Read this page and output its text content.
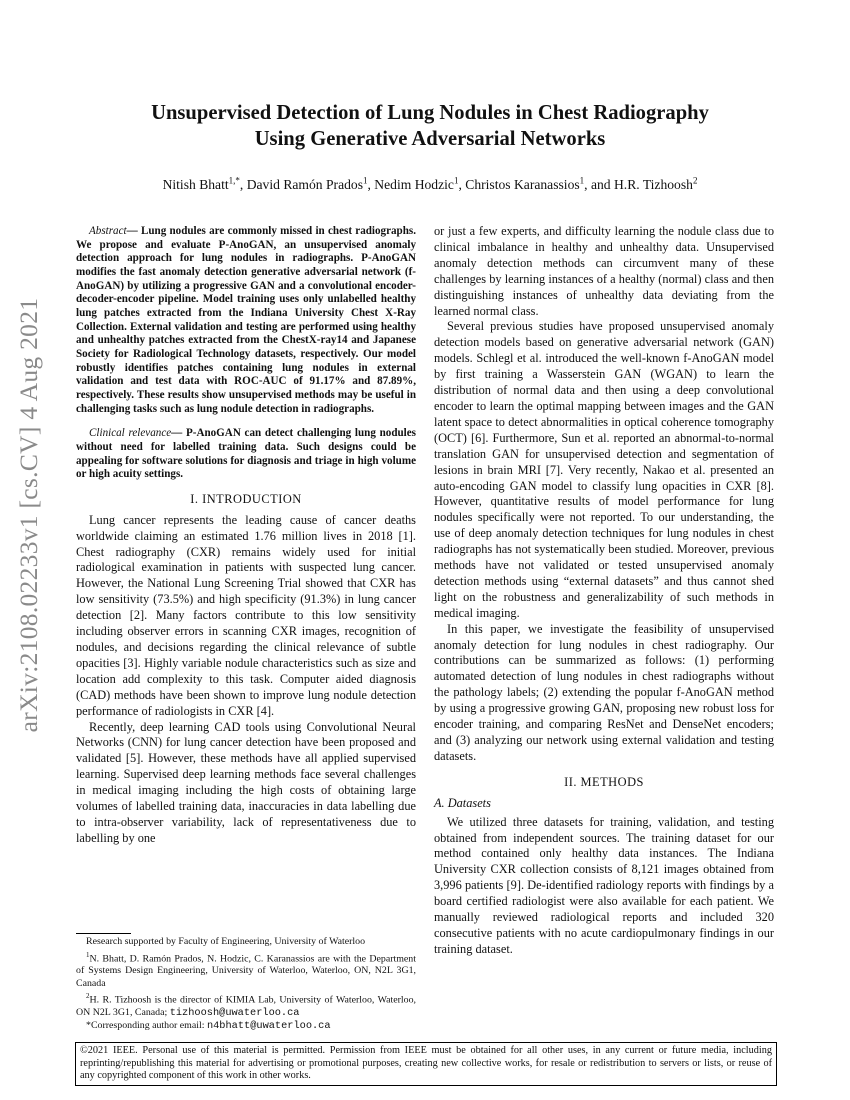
arXiv:2108.02233v1 [cs.CV] 4 Aug 2021
Unsupervised Detection of Lung Nodules in Chest Radiography
Using Generative Adversarial Networks
Nitish Bhatt$^{1,*}$, David Ramón Prados$^1$, Nedim Hodzic$^1$, Christos Karanassios$^1$, and H.R. Tizhoosh$^2$

Abstract— Lung nodules are commonly missed in chest radiographs. We propose and evaluate P-AnoGAN, an unsupervised anomaly detection approach for lung nodules in radiographs. P-AnoGAN modifies the fast anomaly detection generative adversarial network (f-AnoGAN) by utilizing a progressive GAN and a convolutional encoder-decoder-encoder pipeline. Model training uses only unlabelled healthy lung patches extracted from the Indiana University Chest X-Ray Collection. External validation and testing are performed using healthy and unhealthy patches extracted from the ChestX-ray14 and Japanese Society for Radiological Technology datasets, respectively. Our model robustly identifies patches containing lung nodules in external validation and test data with ROC-AUC of 91.17% and 87.89%, respectively. These results show unsupervised methods may be useful in challenging tasks such as lung nodule detection in radiographs.

Clinical relevance— P-AnoGAN can detect challenging lung nodules without need for labelled training data. Such designs could be appealing for software solutions for diagnosis and triage in high volume or high acuity settings.

I. INTRODUCTION

Lung cancer represents the leading cause of cancer deaths worldwide claiming an estimated 1.76 million lives in 2018 [1]. Chest radiography (CXR) remains widely used for initial radiological examination in patients with suspected lung cancer. However, the National Lung Screening Trial showed that CXR has low sensitivity (73.5%) and high specificity (91.3%) in lung cancer detection [2]. Many factors contribute to this low sensitivity including observer errors in scanning CXR images, recognition of nodules, and decisions regarding the clinical relevance of subtle opacities [3]. Highly variable nodule characteristics such as size and location add complexity to this task. Computer aided diagnosis (CAD) methods have been shown to improve lung nodule detection performance of radiologists in CXR [4].

Recently, deep learning CAD tools using Convolutional Neural Networks (CNN) for lung cancer detection have been proposed and validated [5]. However, these methods have all applied supervised learning. Supervised deep learning methods face several challenges in medical imaging including the high costs of obtaining large volumes of labelled training data, inaccuracies in data labelling due to intra-observer variability, lack of representativeness due to labelling by one

Research supported by Faculty of Engineering, University of Waterloo

$^1$N. Bhatt, D. Ramón Prados, N. Hodzic, C. Karanassios are with the Department of Systems Design Engineering, University of Waterloo, Waterloo, ON, N2L 3G1, Canada

$^2$H. R. Tizhoosh is the director of KIMIA Lab, University of Waterloo, Waterloo, ON N2L 3G1, Canada; tizhoosh@uwaterloo.ca

*Corresponding author email: n4bhatt@uwaterloo.ca

or just a few experts, and difficulty learning the nodule class due to clinical imbalance in healthy and unhealthy data. Unsupervised anomaly detection methods can circumvent many of these challenges by learning instances of a healthy (normal) class and then distinguishing instances of unhealthy data deviating from the learned normal class.

Several previous studies have proposed unsupervised anomaly detection models based on generative adversarial network (GAN) models. Schlegl et al. introduced the well-known f-AnoGAN model by first training a Wasserstein GAN (WGAN) to learn the distribution of normal data and then using a deep convolutional encoder to learn the optimal mapping between images and the GAN latent space to detect abnormalities in optical coherence tomography (OCT) [6]. Furthermore, Sun et al. reported an abnormal-to-normal translation GAN for unsupervised detection and segmentation of lesions in brain MRI [7]. Very recently, Nakao et al. presented an auto-encoding GAN model to classify lung opacities in CXR [8]. However, quantitative results of model performance for lung nodules specifically were not reported. To our understanding, the use of deep anomaly detection techniques for lung nodules in chest radiographs has not systematically been studied. Moreover, previous methods have not validated or tested unsupervised anomaly detection methods using “external datasets” and thus cannot shed light on the robustness and generalizability of such methods in medical imaging.

In this paper, we investigate the feasibility of unsupervised anomaly detection for lung nodules in chest radiography. Our contributions can be summarized as follows: (1) performing automated detection of lung nodules in chest radiographs without the pathology labels; (2) extending the popular f-AnoGAN method by using a progressive growing GAN, proposing new robust loss for encoder training, and comparing ResNet and DenseNet encoders; and (3) analyzing our network using external validation and testing datasets.

II. METHODS

A. Datasets

We utilized three datasets for training, validation, and testing obtained from independent sources. The training dataset for our method contained only healthy data instances. The Indiana University CXR collection consists of 8,121 images obtained from 3,996 patients [9]. De-identified radiology reports with findings by a board certified radiologist were also available for each patient. We manually reviewed radiological reports and included 320 consecutive patients with no acute cardiopulmonary findings in our training dataset.

©2021 IEEE. Personal use of this material is permitted. Permission from IEEE must be obtained for all other uses, in any current or future media, including reprinting/republishing this material for advertising or promotional purposes, creating new collective works, for resale or redistribution to servers or lists, or reuse of any copyrighted component of this work in other works.
